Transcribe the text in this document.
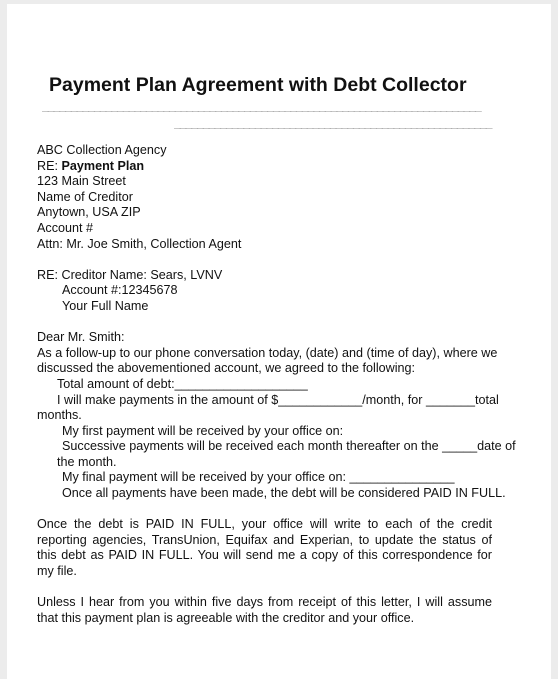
Payment Plan Agreement with Debt Collector
____________________________________________________________________________
_______________________________________________________
ABC Collection Agency
RE: Payment Plan
123 Main Street
Name of Creditor
Anytown, USA ZIP
Account #
Attn: Mr. Joe Smith, Collection Agent
RE: Creditor Name: Sears, LVNV
Account #:12345678
Your Full Name
Dear Mr. Smith:
As a follow-up to our phone conversation today, (date) and (time of day), where we
discussed the abovementioned account, we agreed to the following:
Total amount of debt:___________________
I will make payments in the amount of $____________/month, for _______total
months.
My first payment will be received by your office on:
Successive payments will be received each month thereafter on the _____date of
the month.
My final payment will be received by your office on: _______________
Once all payments have been made, the debt will be considered PAID IN FULL.
Once the debt is PAID IN FULL, your office will write to each of the credit reporting agencies, TransUnion, Equifax and Experian, to update the status of this debt as PAID IN FULL. You will send me a copy of this correspondence for my file.
Unless I hear from you within five days from receipt of this letter, I will assume that this payment plan is agreeable with the creditor and your office.
